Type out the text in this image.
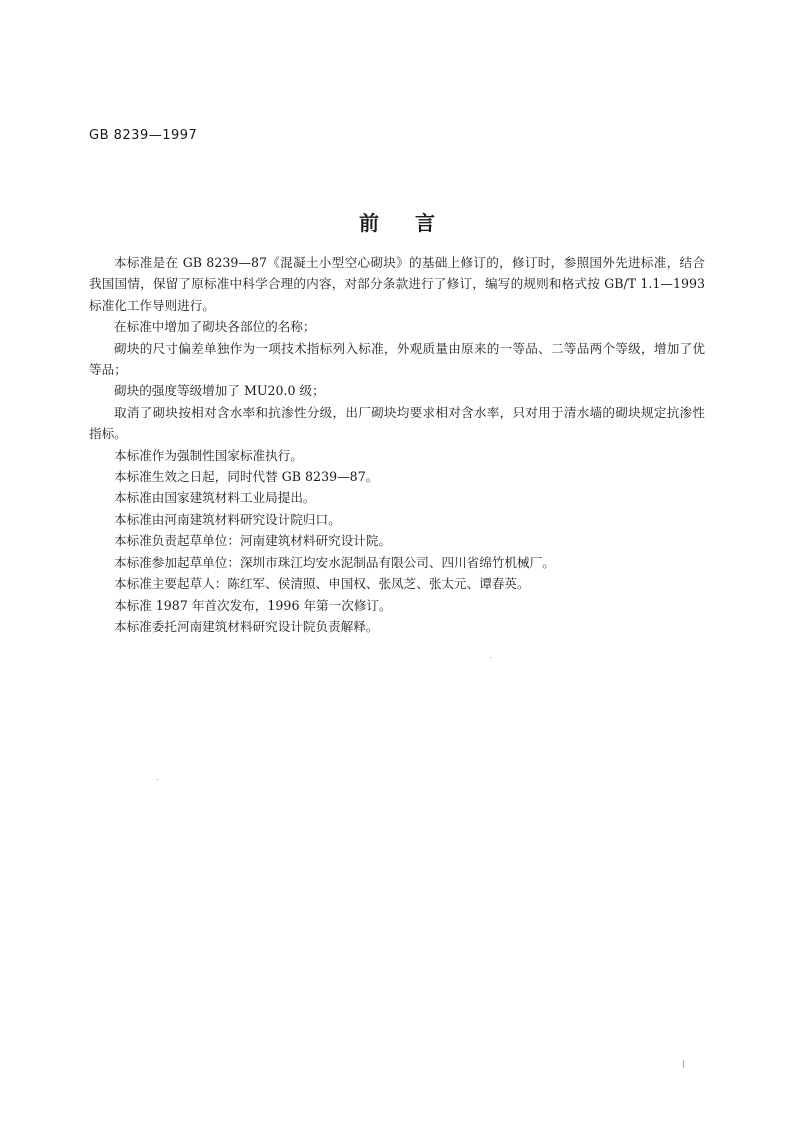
GB 8239—1997
前言

本标准是在 GB 8239—87《混凝土小型空心砌块》的基础上修订的，修订时，参照国外先进标准，结合我国国情，保留了原标准中科学合理的内容，对部分条款进行了修订，编写的规则和格式按 GB/T 1.1—1993 标准化工作导则进行。

在标准中增加了砌块各部位的名称；

砌块的尺寸偏差单独作为一项技术指标列入标准，外观质量由原来的一等品、二等品两个等级，增加了优等品；

砌块的强度等级增加了 MU20.0 级；

取消了砌块按相对含水率和抗渗性分级，出厂砌块均要求相对含水率，只对用于清水墙的砌块规定抗渗性指标。

本标准作为强制性国家标准执行。

本标准生效之日起，同时代替 GB 8239—87。

本标准由国家建筑材料工业局提出。

本标准由河南建筑材料研究设计院归口。

本标准负责起草单位：河南建筑材料研究设计院。

本标准参加起草单位：深圳市珠江均安水泥制品有限公司、四川省绵竹机械厂。

本标准主要起草人：陈红军、侯清照、申国权、张凤芝、张太元、谭春英。

本标准 1987 年首次发布，1996 年第一次修订。

本标准委托河南建筑材料研究设计院负责解释。
